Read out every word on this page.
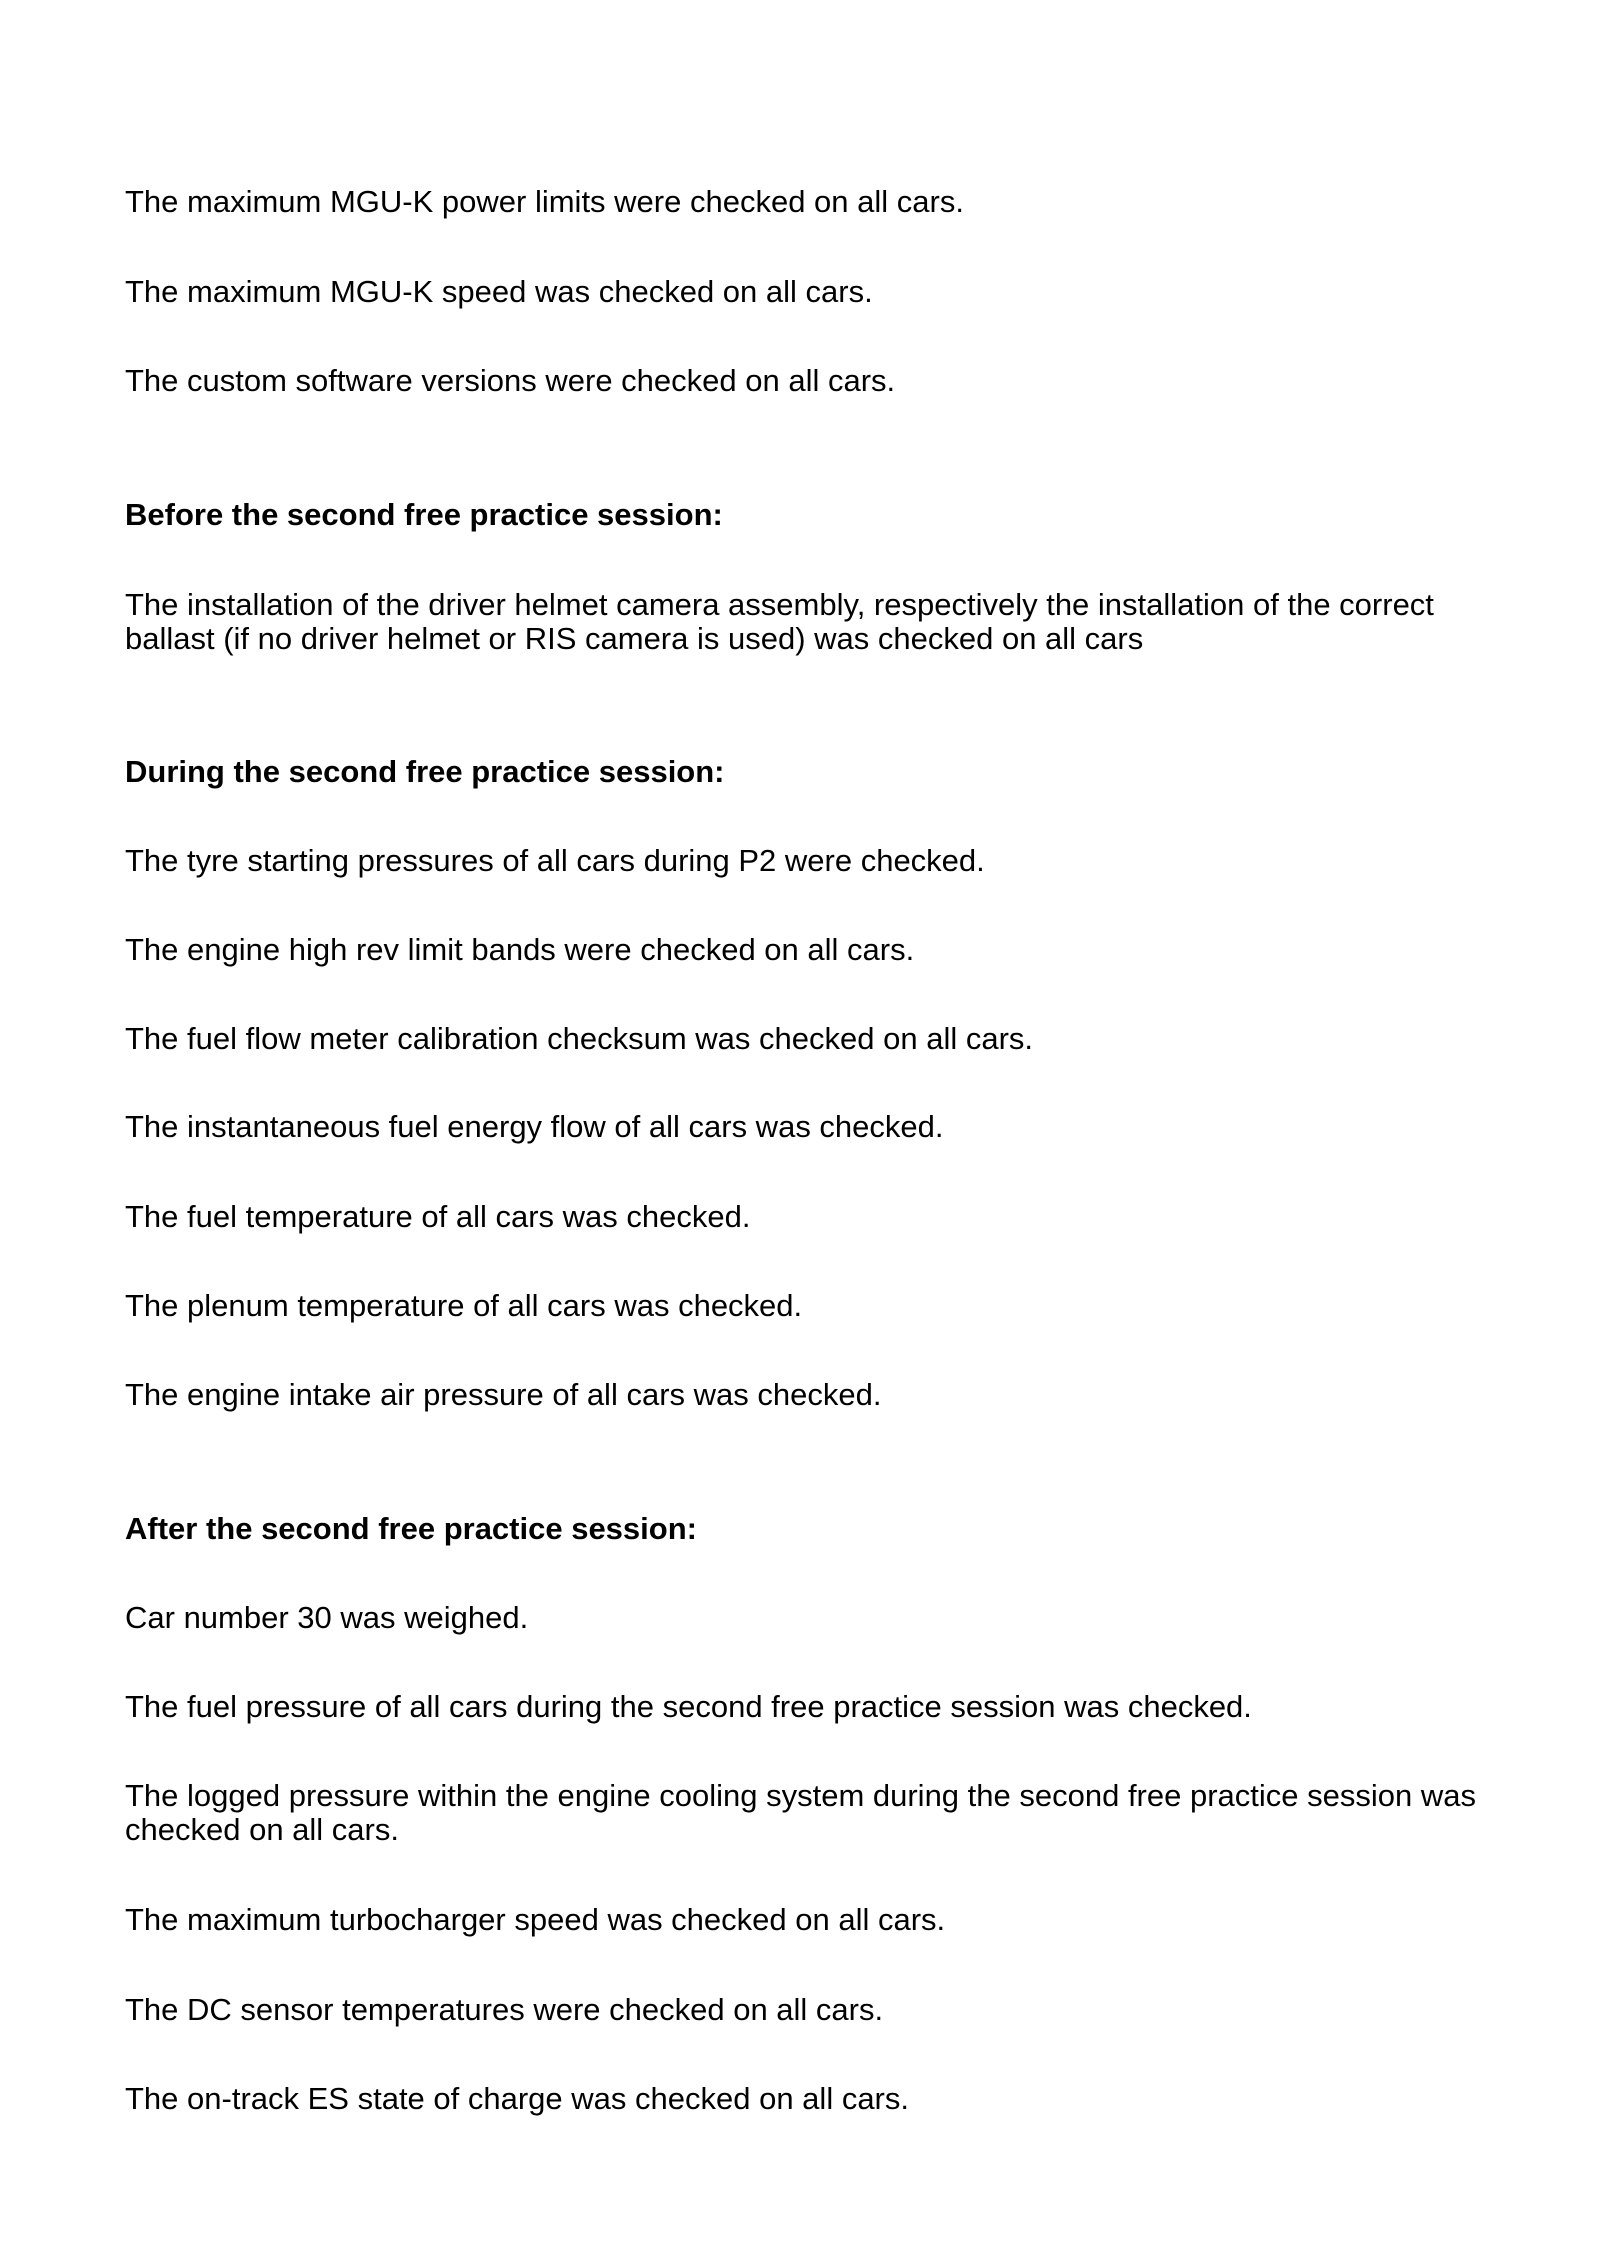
The maximum MGU-K power limits were checked on all cars.

The maximum MGU-K speed was checked on all cars.

The custom software versions were checked on all cars.

Before the second free practice session:

The installation of the driver helmet camera assembly, respectively the installation of the correct ballast (if no driver helmet or RIS camera is used) was checked on all cars

During the second free practice session:

The tyre starting pressures of all cars during P2 were checked.

The engine high rev limit bands were checked on all cars.

The fuel flow meter calibration checksum was checked on all cars.

The instantaneous fuel energy flow of all cars was checked.

The fuel temperature of all cars was checked.

The plenum temperature of all cars was checked.

The engine intake air pressure of all cars was checked.

After the second free practice session:

Car number 30 was weighed.

The fuel pressure of all cars during the second free practice session was checked.

The logged pressure within the engine cooling system during the second free practice session was checked on all cars.

The maximum turbocharger speed was checked on all cars.

The DC sensor temperatures were checked on all cars.

The on-track ES state of charge was checked on all cars.
